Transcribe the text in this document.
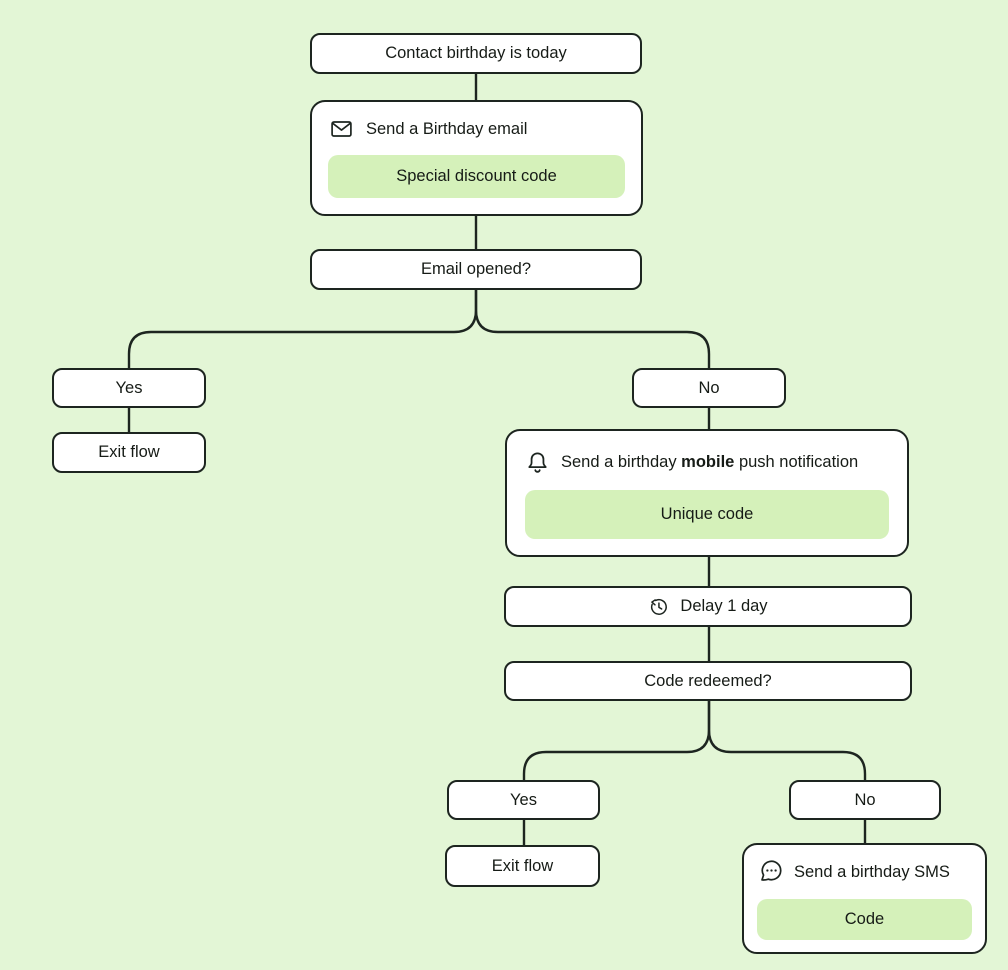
Contact birthday is today
Send a Birthday email
Special discount code
Email opened?
Yes
Exit flow
No
Send a birthday mobile push notification
Unique code
Delay 1 day
Code redeemed?
Yes
Exit flow
No
Send a birthday SMS
Code
